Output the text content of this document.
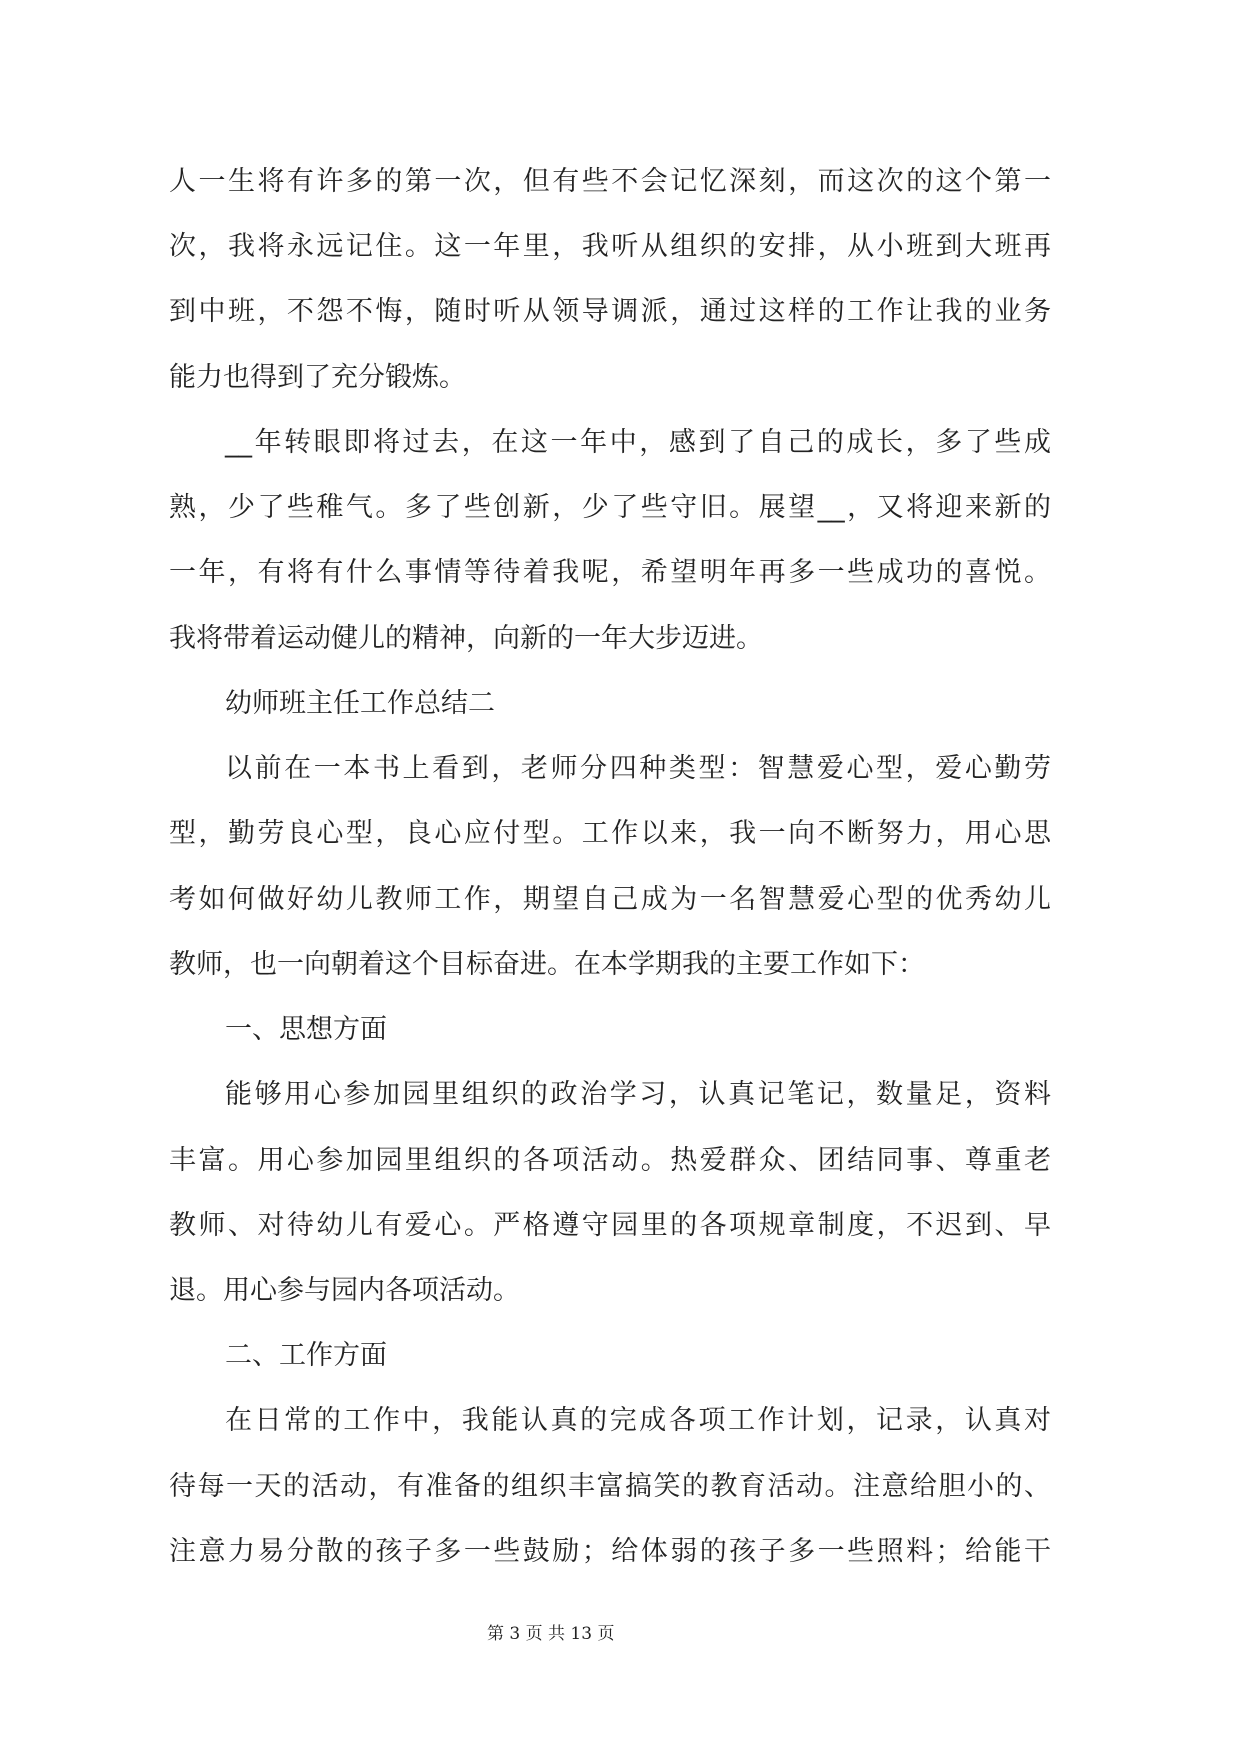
人一生将有许多的第一次，但有些不会记忆深刻，而这次的这个第一
次，我将永远记住。这一年里，我听从组织的安排，从小班到大班再
到中班，不怨不悔，随时听从领导调派，通过这样的工作让我的业务
能力也得到了充分锻炼。
__年转眼即将过去，在这一年中，感到了自己的成长，多了些成
熟，少了些稚气。多了些创新，少了些守旧。展望__，又将迎来新的
一年，有将有什么事情等待着我呢，希望明年再多一些成功的喜悦。
我将带着运动健儿的精神，向新的一年大步迈进。
幼师班主任工作总结二
以前在一本书上看到，老师分四种类型：智慧爱心型，爱心勤劳
型，勤劳良心型，良心应付型。工作以来，我一向不断努力，用心思
考如何做好幼儿教师工作，期望自己成为一名智慧爱心型的优秀幼儿
教师，也一向朝着这个目标奋进。在本学期我的主要工作如下：
一、思想方面
能够用心参加园里组织的政治学习，认真记笔记，数量足，资料
丰富。用心参加园里组织的各项活动。热爱群众、团结同事、尊重老
教师、对待幼儿有爱心。严格遵守园里的各项规章制度，不迟到、早
退。用心参与园内各项活动。
二、工作方面
在日常的工作中，我能认真的完成各项工作计划，记录，认真对
待每一天的活动，有准备的组织丰富搞笑的教育活动。注意给胆小的、
注意力易分散的孩子多一些鼓励；给体弱的孩子多一些照料；给能干
第 3 页 共 13 页
